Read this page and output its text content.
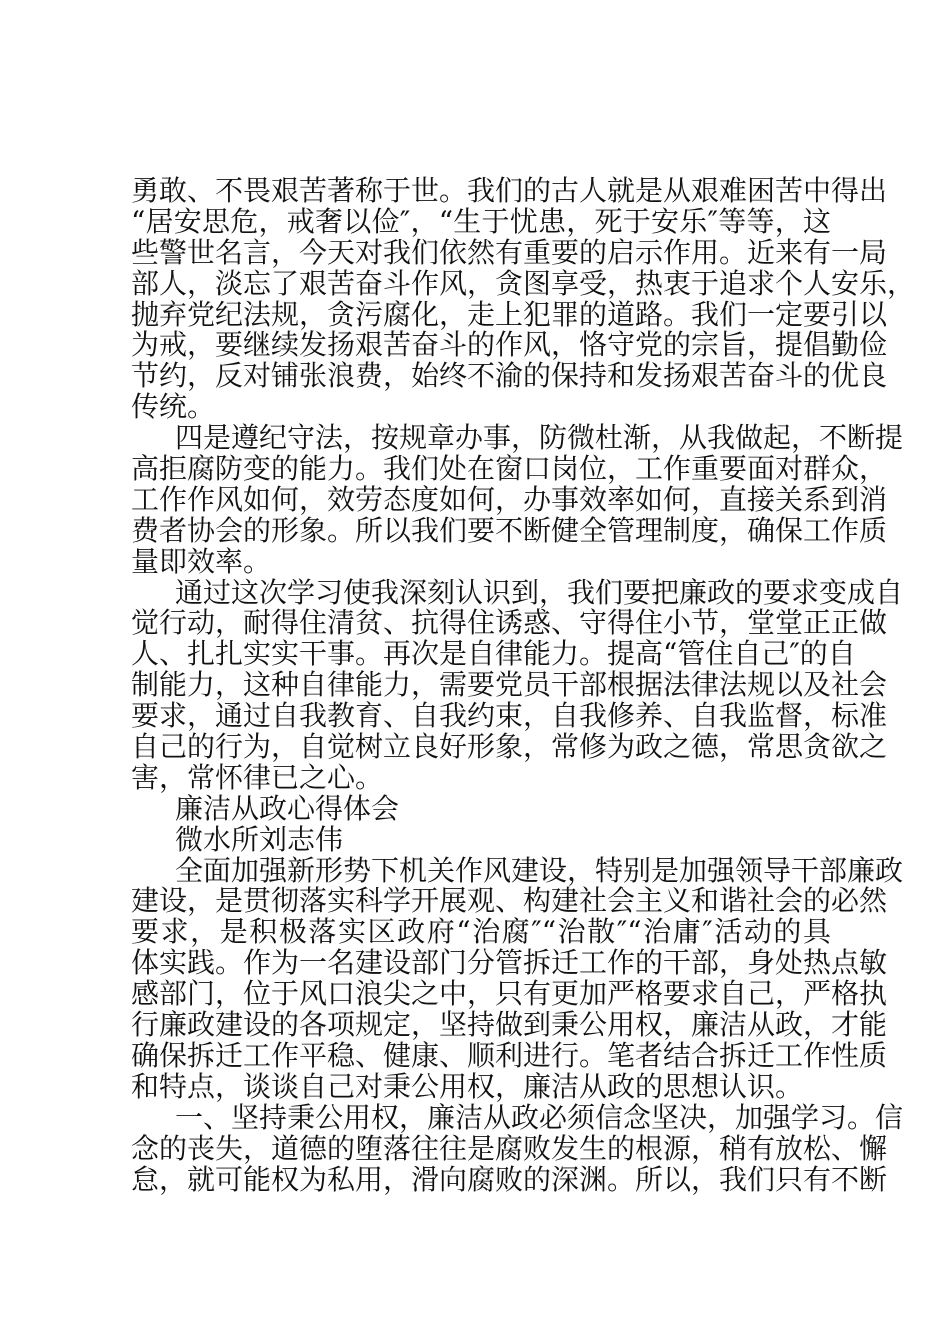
勇敢、不畏艰苦著称于世。我们的古人就是从艰难困苦中得出
“居安思危，戒奢以俭″，“生于忧患，死于安乐″等等，这
些警世名言，今天对我们依然有重要的启示作用。近来有一局
部人，淡忘了艰苦奋斗作风，贪图享受，热衷于追求个人安乐，
抛弃党纪法规，贪污腐化，走上犯罪的道路。我们一定要引以
为戒，要继续发扬艰苦奋斗的作风，恪守党的宗旨，提倡勤俭
节约，反对铺张浪费，始终不渝的保持和发扬艰苦奋斗的优良
传统。
四是遵纪守法，按规章办事，防微杜渐，从我做起，不断提
高拒腐防变的能力。我们处在窗口岗位，工作重要面对群众，
工作作风如何，效劳态度如何，办事效率如何，直接关系到消
费者协会的形象。所以我们要不断健全管理制度，确保工作质
量即效率。
通过这次学习使我深刻认识到，我们要把廉政的要求变成自
觉行动，耐得住清贫、抗得住诱惑、守得住小节，堂堂正正做
人、扎扎实实干事。再次是自律能力。提高“管住自己″的自
制能力，这种自律能力，需要党员干部根据法律法规以及社会
要求，通过自我教育、自我约束，自我修养、自我监督，标准
自己的行为，自觉树立良好形象，常修为政之德，常思贪欲之
害，常怀律已之心。
廉洁从政心得体会
微水所刘志伟
全面加强新形势下机关作风建设，特别是加强领导干部廉政
建设，是贯彻落实科学开展观、构建社会主义和谐社会的必然
要求，是积极落实区政府“治腐″“治散″“治庸″活动的具
体实践。作为一名建设部门分管拆迁工作的干部，身处热点敏
感部门，位于风口浪尖之中，只有更加严格要求自己，严格执
行廉政建设的各项规定，坚持做到秉公用权，廉洁从政，才能
确保拆迁工作平稳、健康、顺利进行。笔者结合拆迁工作性质
和特点，谈谈自己对秉公用权，廉洁从政的思想认识。
一、坚持秉公用权，廉洁从政必须信念坚决，加强学习。信
念的丧失，道德的堕落往往是腐败发生的根源，稍有放松、懈
怠，就可能权为私用，滑向腐败的深渊。所以，我们只有不断
